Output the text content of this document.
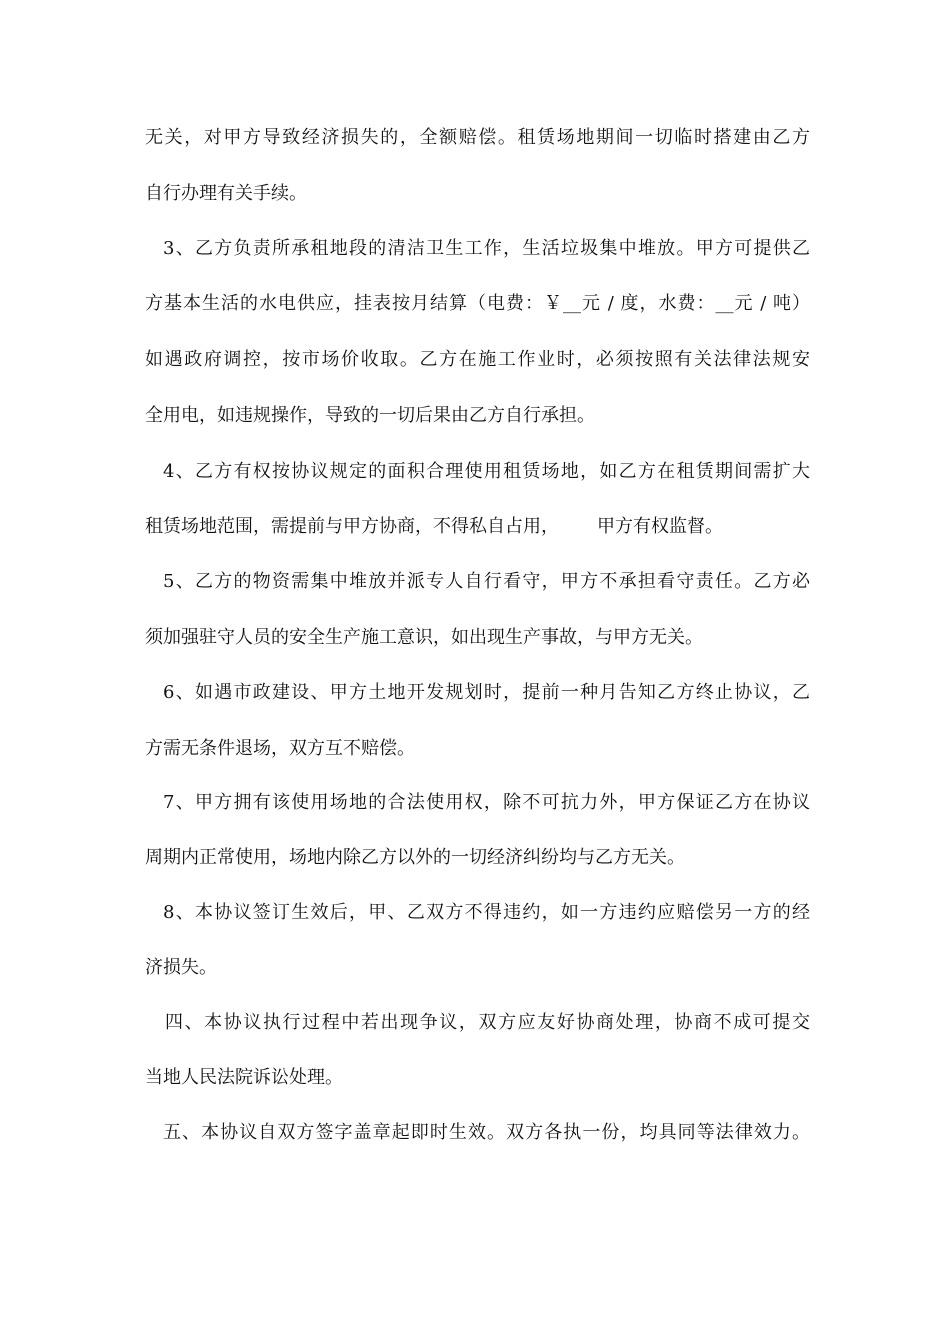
无关，对甲方导致经济损失的，全额赔偿。租赁场地期间一切临时搭建由乙方
自行办理有关手续。
3、乙方负责所承租地段的清洁卫生工作，生活垃圾集中堆放。甲方可提供乙
方基本生活的水电供应，挂表按月结算（电费：￥__元 / 度，水费：__元 / 吨）
如遇政府调控，按市场价收取。乙方在施工作业时，必须按照有关法律法规安
全用电，如违规操作，导致的一切后果由乙方自行承担。
4、乙方有权按协议规定的面积合理使用租赁场地，如乙方在租赁期间需扩大
租赁场地范围，需提前与甲方协商，不得私自占用， 甲方有权监督。
5、乙方的物资需集中堆放并派专人自行看守，甲方不承担看守责任。乙方必
须加强驻守人员的安全生产施工意识，如出现生产事故，与甲方无关。
6、如遇市政建设、甲方土地开发规划时，提前一种月告知乙方终止协议，乙
方需无条件退场，双方互不赔偿。
7、甲方拥有该使用场地的合法使用权，除不可抗力外，甲方保证乙方在协议
周期内正常使用，场地内除乙方以外的一切经济纠纷均与乙方无关。
8、本协议签订生效后，甲、乙双方不得违约，如一方违约应赔偿另一方的经
济损失。
四、本协议执行过程中若出现争议，双方应友好协商处理，协商不成可提交
当地人民法院诉讼处理。
五、本协议自双方签字盖章起即时生效。双方各执一份，均具同等法律效力。
